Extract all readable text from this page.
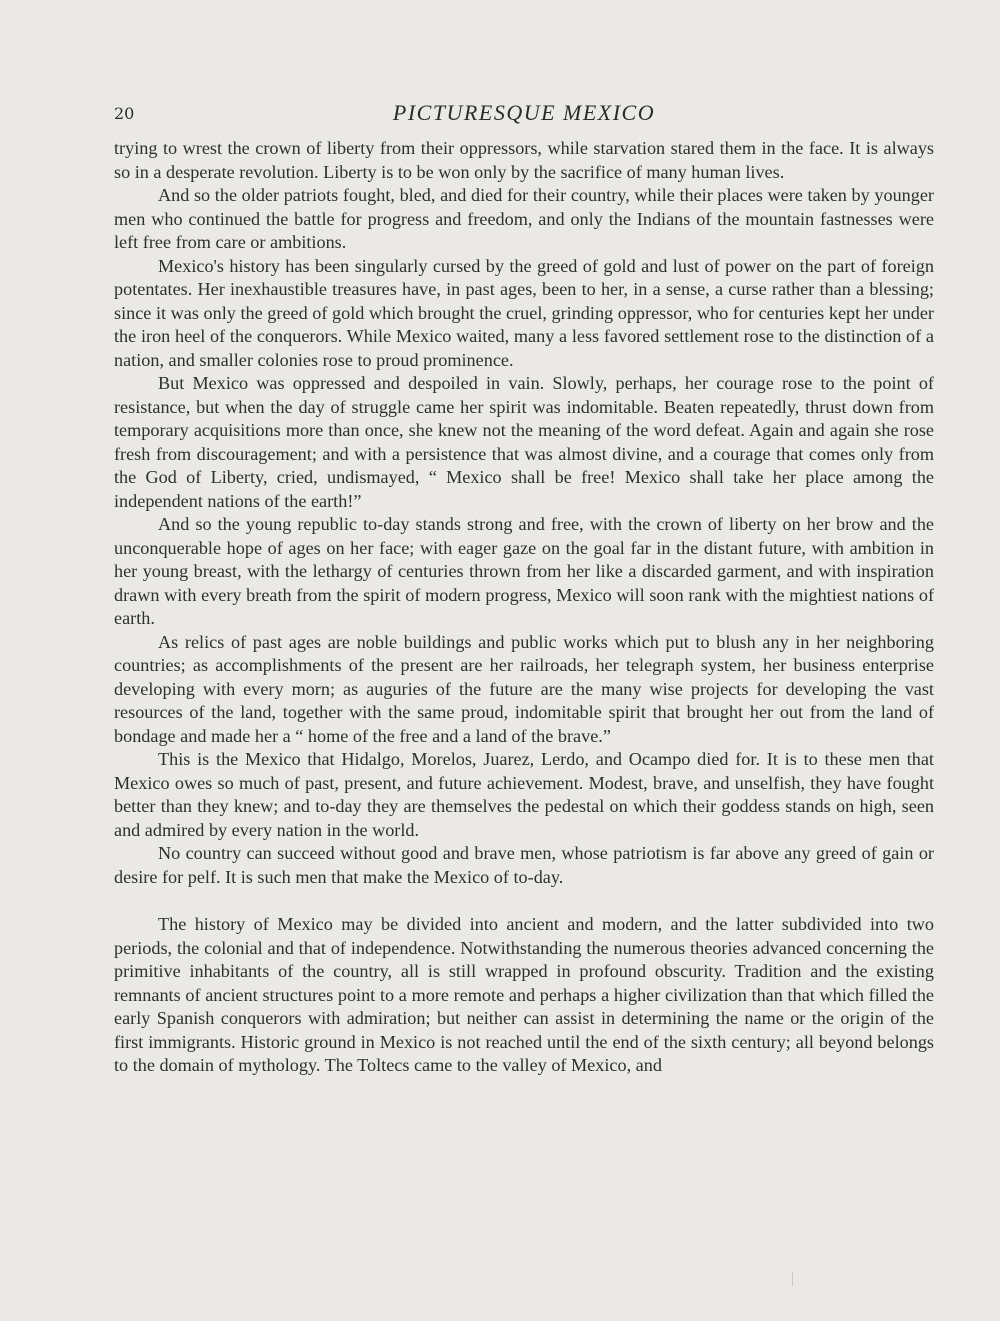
20	PICTURESQUE MEXICO

trying to wrest the crown of liberty from their oppressors, while starvation stared them in the face. It is always so in a desperate revolution. Liberty is to be won only by the sacrifice of many human lives.

And so the older patriots fought, bled, and died for their country, while their places were taken by younger men who continued the battle for progress and freedom, and only the Indians of the mountain fastnesses were left free from care or ambitions.

Mexico's history has been singularly cursed by the greed of gold and lust of power on the part of foreign potentates. Her inexhaustible treasures have, in past ages, been to her, in a sense, a curse rather than a blessing; since it was only the greed of gold which brought the cruel, grinding oppressor, who for centuries kept her under the iron heel of the conquerors. While Mexico waited, many a less favored settlement rose to the distinction of a nation, and smaller colonies rose to proud prominence.

But Mexico was oppressed and despoiled in vain. Slowly, perhaps, her courage rose to the point of resistance, but when the day of struggle came her spirit was indomitable. Beaten repeatedly, thrust down from temporary acquisitions more than once, she knew not the meaning of the word defeat. Again and again she rose fresh from discouragement; and with a persistence that was almost divine, and a courage that comes only from the God of Liberty, cried, undismayed, “ Mexico shall be free! Mexico shall take her place among the independent nations of the earth!”

And so the young republic to-day stands strong and free, with the crown of liberty on her brow and the unconquerable hope of ages on her face; with eager gaze on the goal far in the distant future, with ambition in her young breast, with the lethargy of centuries thrown from her like a discarded garment, and with inspiration drawn with every breath from the spirit of modern progress, Mexico will soon rank with the mightiest nations of earth.

As relics of past ages are noble buildings and public works which put to blush any in her neighboring countries; as accomplishments of the present are her railroads, her telegraph system, her business enterprise developing with every morn; as auguries of the future are the many wise projects for developing the vast resources of the land, together with the same proud, indomitable spirit that brought her out from the land of bondage and made her a “ home of the free and a land of the brave.”

This is the Mexico that Hidalgo, Morelos, Juarez, Lerdo, and Ocampo died for. It is to these men that Mexico owes so much of past, present, and future achievement. Modest, brave, and unselfish, they have fought better than they knew; and to-day they are themselves the pedestal on which their goddess stands on high, seen and admired by every nation in the world.

No country can succeed without good and brave men, whose patriotism is far above any greed of gain or desire for pelf. It is such men that make the Mexico of to-day.

The history of Mexico may be divided into ancient and modern, and the latter subdivided into two periods, the colonial and that of independence. Notwithstanding the numerous theories advanced concerning the primitive inhabitants of the country, all is still wrapped in profound obscurity. Tradition and the existing remnants of ancient structures point to a more remote and perhaps a higher civilization than that which filled the early Spanish conquerors with admiration; but neither can assist in determining the name or the origin of the first immigrants. Historic ground in Mexico is not reached until the end of the sixth century; all beyond belongs to the domain of mythology. The Toltecs came to the valley of Mexico, and
